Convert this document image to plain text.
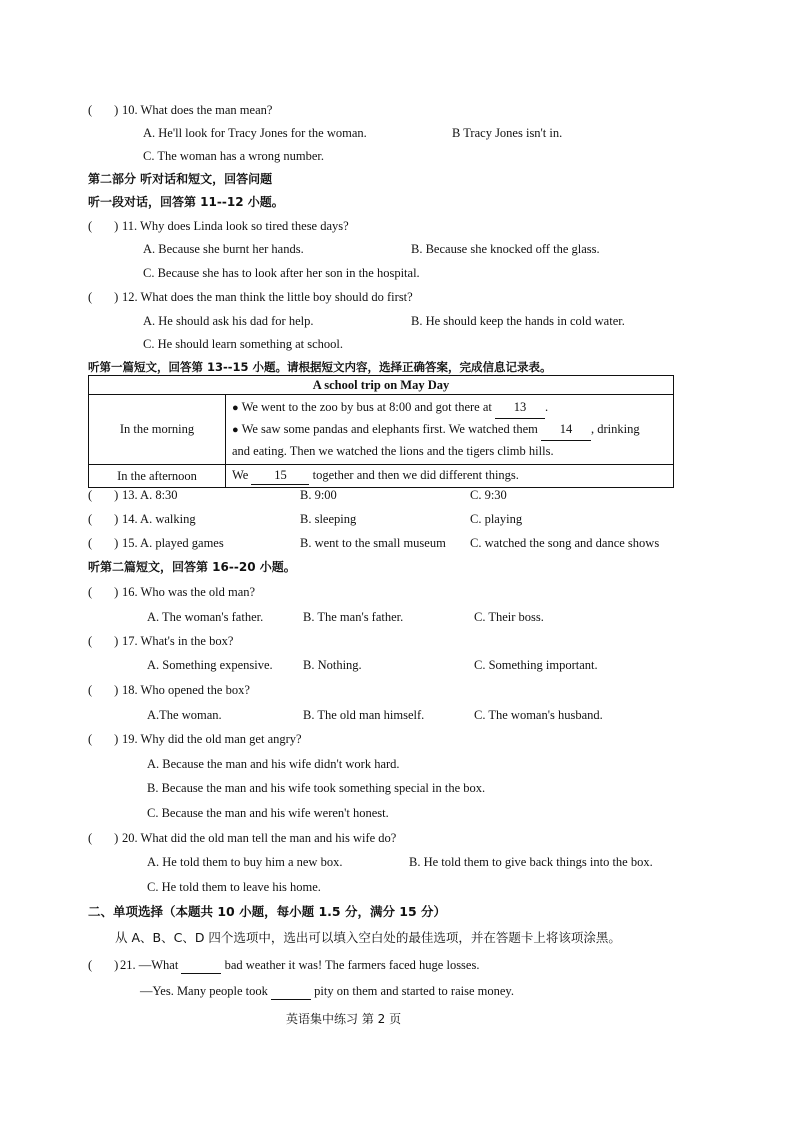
( ) 10. What does the man mean?
A. He'll look for Tracy Jones for the woman.	B Tracy Jones isn't in.
C. The woman has a wrong number.
第二部分 听对话和短文，回答问题
听一段对话，回答第 11--12 小题。
( ) 11. Why does Linda look so tired these days?
A. Because she burnt her hands.	B. Because she knocked off the glass.
C. Because she has to look after her son in the hospital.
( ) 12. What does the man think the little boy should do first?
A. He should ask his dad for help.	B. He should keep the hands in cold water.
C. He should learn something at school.
听第一篇短文，回答第 13--15 小题。请根据短文内容，选择正确答案，完成信息记录表。
A school trip on May Day	
In the morning	● We went to the zoo by bus at 8:00 and got there at 13 .
● We saw some pandas and elephants first. We watched them 14 , drinking
and eating. Then we watched the lions and the tigers climb hills.

In the afternoon	We 15 together and then we did different things.
( ) 13. A. 8:30	B. 9:00	C. 9:30
( ) 14. A. walking	B. sleeping	C. playing
( ) 15. A. played games	B. went to the small museum C. watched the song and dance shows
听第二篇短文，回答第 16--20 小题。
( ) 16. Who was the old man?
A. The woman's father.	B. The man's father.	C. Their boss.
( ) 17. What's in the box?
A. Something expensive. B. Nothing.	C. Something important.
( ) 18. Who opened the box?
A.The woman.	B. The old man himself.	C. The woman's husband.
( ) 19. Why did the old man get angry?
A. Because the man and his wife didn't work hard.
B. Because the man and his wife took something special in the box.
C. Because the man and his wife weren't honest.
( ) 20. What did the old man tell the man and his wife do?
A. He told them to buy him a new box.	B. He told them to give back things into the box.
C. He told them to leave his home.
二、单项选择（本题共 10 小题，每小题 1.5 分，满分 15 分）
从 A、B、C、D 四个选项中，选出可以填入空白处的最佳选项，并在答题卡上将该项涂黑。
( ) 21. —What	bad weather it was! The farmers faced huge losses.
—Yes. Many people took	pity on them and started to raise money.
英语集中练习 第 2 页
